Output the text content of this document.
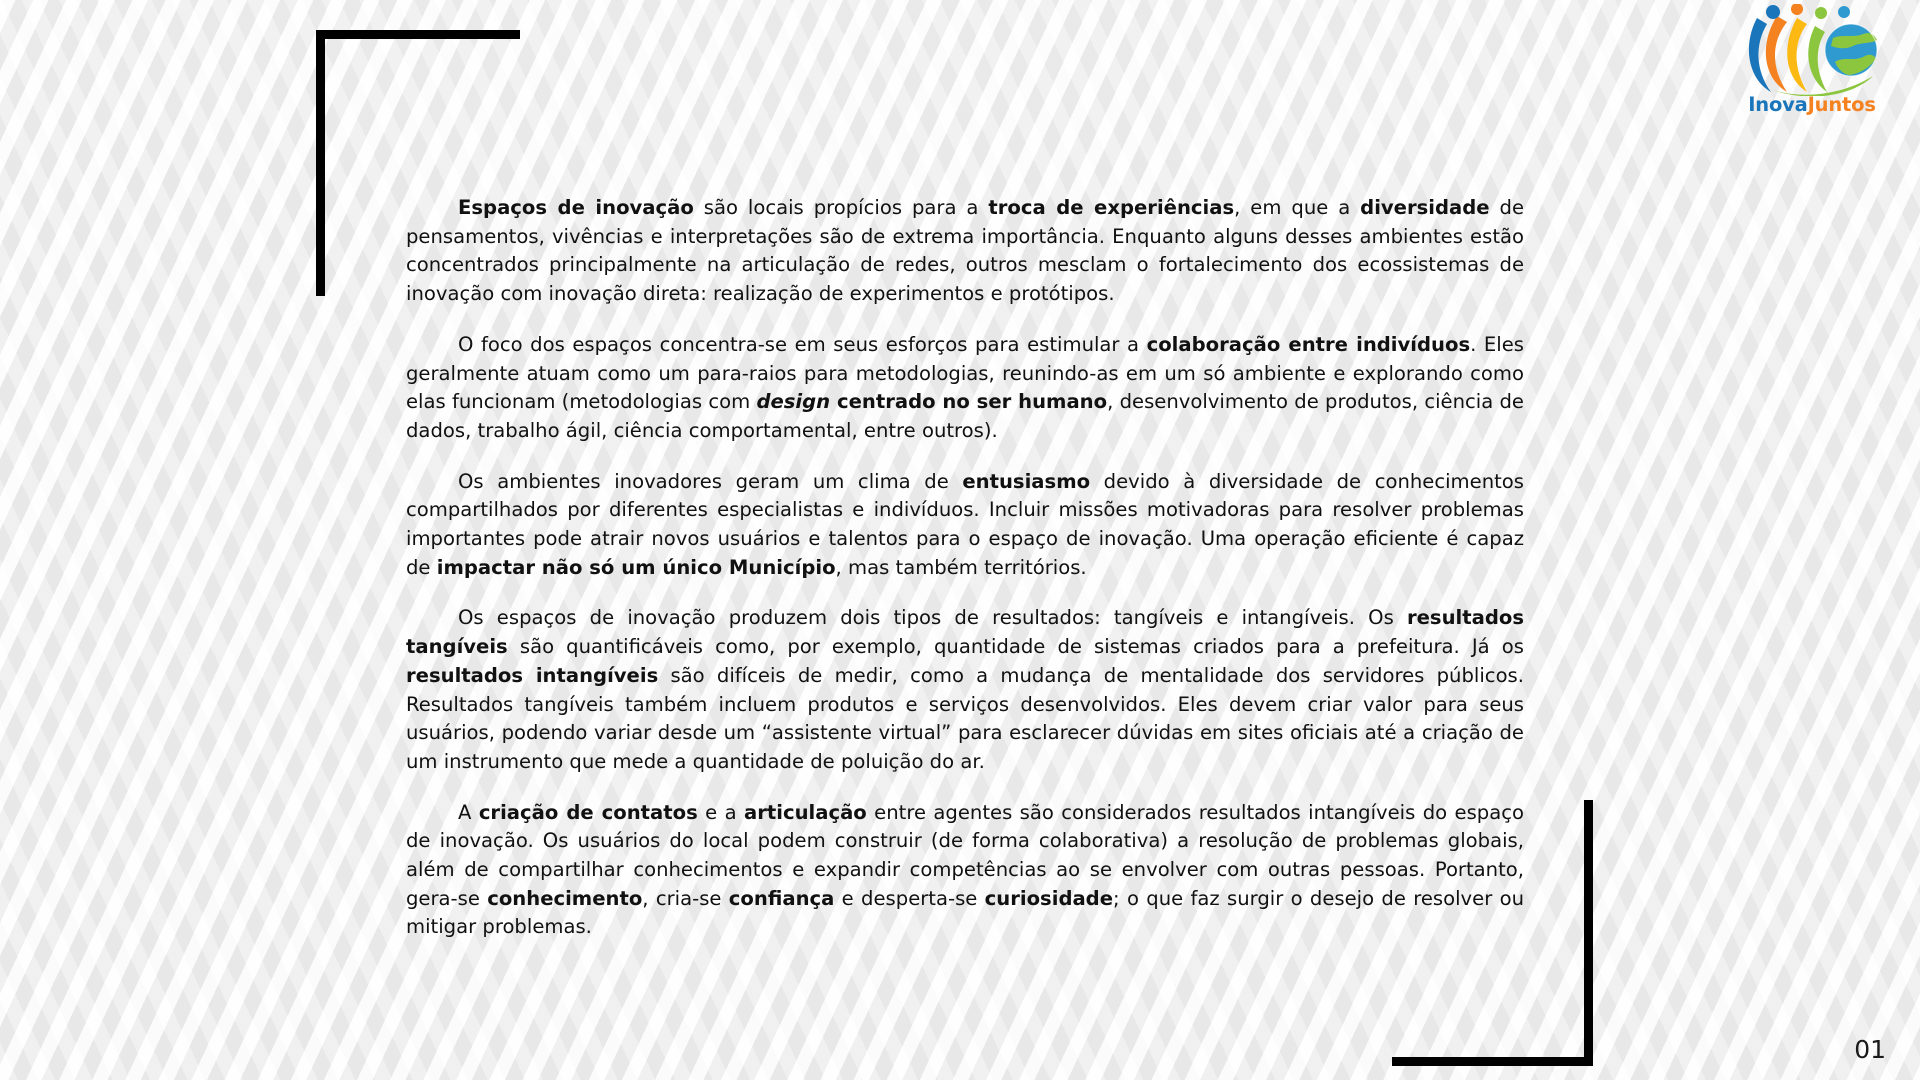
InovaJuntos

Espaços de inovação são locais propícios para a troca de experiências, em que a diversidade de pensamentos, vivências e interpretações são de extrema importância. Enquanto alguns desses ambientes estão concentrados principalmente na articulação de redes, outros mesclam o fortalecimento dos ecossistemas de inovação com inovação direta: realização de experimentos e protótipos.

O foco dos espaços concentra-se em seus esforços para estimular a colaboração entre indivíduos. Eles geralmente atuam como um para-raios para metodologias, reunindo-as em um só ambiente e explorando como elas funcionam (metodologias com design centrado no ser humano, desenvolvimento de produtos, ciência de dados, trabalho ágil, ciência comportamental, entre outros).

Os ambientes inovadores geram um clima de entusiasmo devido à diversidade de conhecimentos compartilhados por diferentes especialistas e indivíduos. Incluir missões motivadoras para resolver problemas importantes pode atrair novos usuários e talentos para o espaço de inovação. Uma operação eficiente é capaz de impactar não só um único Município, mas também territórios.

Os espaços de inovação produzem dois tipos de resultados: tangíveis e intangíveis. Os resultados tangíveis são quantificáveis como, por exemplo, quantidade de sistemas criados para a prefeitura. Já os resultados intangíveis são difíceis de medir, como a mudança de mentalidade dos servidores públicos. Resultados tangíveis também incluem produtos e serviços desenvolvidos. Eles devem criar valor para seus usuários, podendo variar desde um “assistente virtual” para esclarecer dúvidas em sites oficiais até a criação de um instrumento que mede a quantidade de poluição do ar.

A criação de contatos e a articulação entre agentes são considerados resultados intangíveis do espaço de inovação. Os usuários do local podem construir (de forma colaborativa) a resolução de problemas globais, além de compartilhar conhecimentos e expandir competências ao se envolver com outras pessoas. Portanto, gera-se conhecimento, cria-se confiança e desperta-se curiosidade; o que faz surgir o desejo de resolver ou mitigar problemas.

01
